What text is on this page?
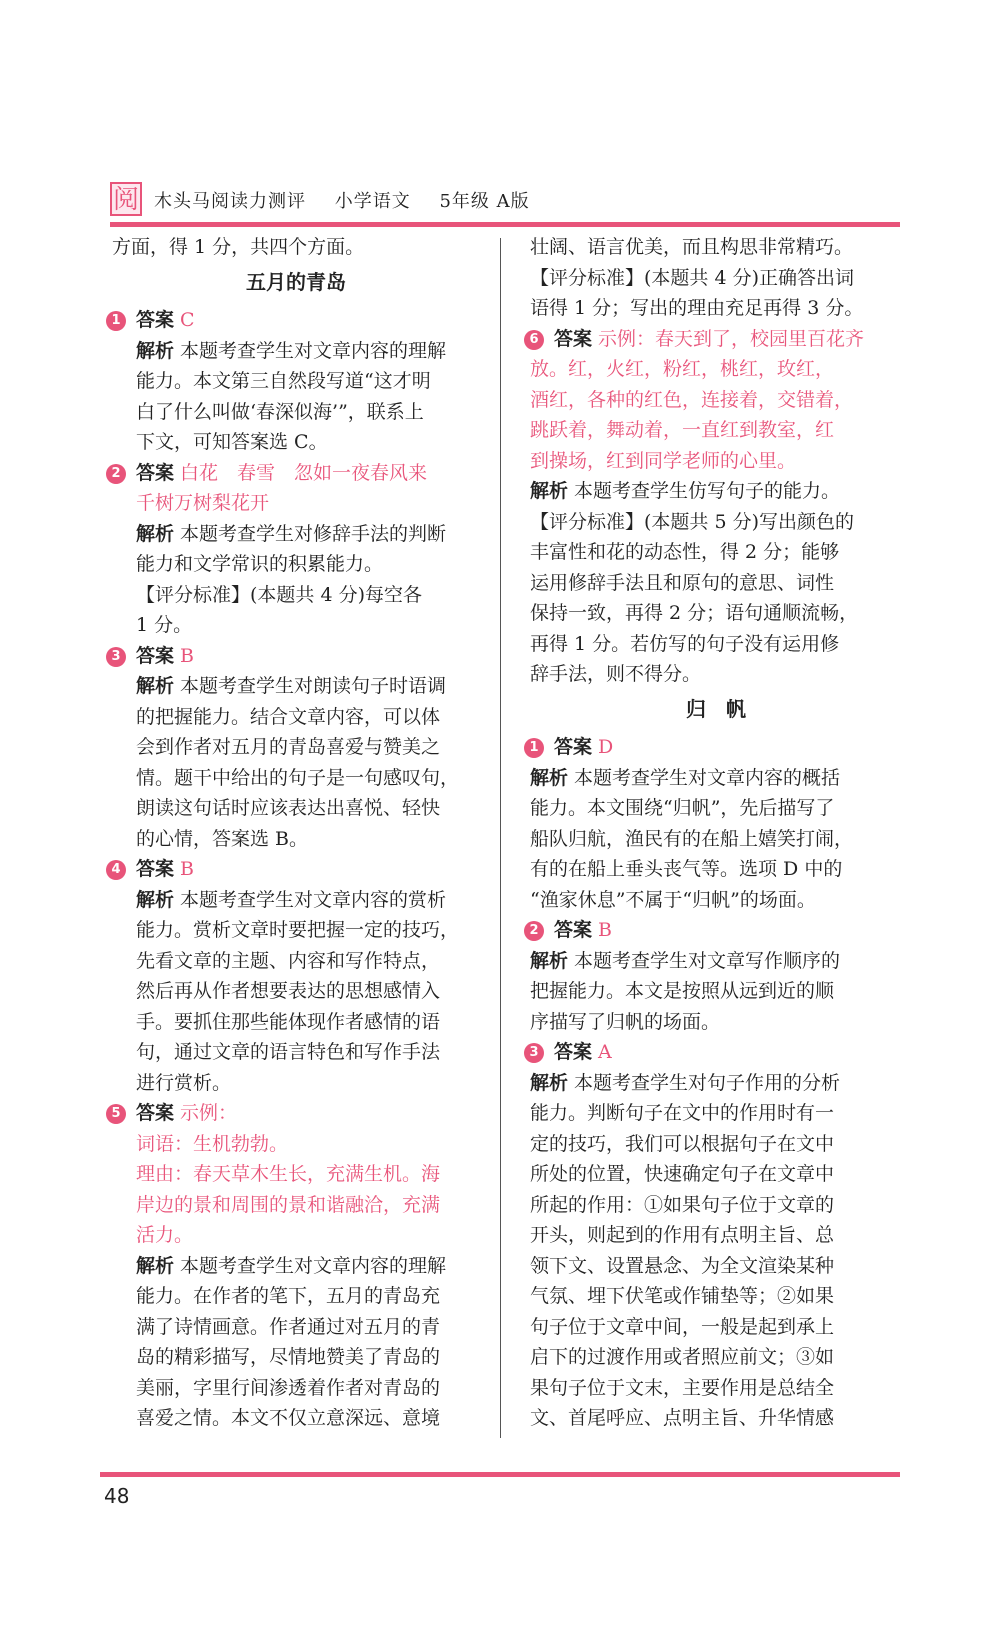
阅 木头马阅读力测评 小学语文 5年级 A版
方面，得 1 分，共四个方面。
五月的青岛
1 答案 C
解析 本题考查学生对文章内容的理解
能力。本文第三自然段写道“这才明
白了什么叫做‘春深似海’”，联系上
下文，可知答案选 C。
2 答案 白花　春雪　忽如一夜春风来
千树万树梨花开
解析 本题考查学生对修辞手法的判断
能力和文学常识的积累能力。
【评分标准】(本题共 4 分)每空各
1 分。
3 答案 B
解析 本题考查学生对朗读句子时语调
的把握能力。结合文章内容，可以体
会到作者对五月的青岛喜爱与赞美之
情。题干中给出的句子是一句感叹句，
朗读这句话时应该表达出喜悦、轻快
的心情，答案选 B。
4 答案 B
解析 本题考查学生对文章内容的赏析
能力。赏析文章时要把握一定的技巧，
先看文章的主题、内容和写作特点，
然后再从作者想要表达的思想感情入
手。要抓住那些能体现作者感情的语
句，通过文章的语言特色和写作手法
进行赏析。
5 答案 示例：
词语：生机勃勃。
理由：春天草木生长，充满生机。海
岸边的景和周围的景和谐融洽，充满
活力。
解析 本题考查学生对文章内容的理解
能力。在作者的笔下，五月的青岛充
满了诗情画意。作者通过对五月的青
岛的精彩描写，尽情地赞美了青岛的
美丽，字里行间渗透着作者对青岛的
喜爱之情。本文不仅立意深远、意境
壮阔、语言优美，而且构思非常精巧。
【评分标准】(本题共 4 分)正确答出词
语得 1 分；写出的理由充足再得 3 分。
6 答案 示例：春天到了，校园里百花齐
放。红，火红，粉红，桃红，玫红，
酒红，各种的红色，连接着，交错着，
跳跃着，舞动着，一直红到教室，红
到操场，红到同学老师的心里。
解析 本题考查学生仿写句子的能力。
【评分标准】(本题共 5 分)写出颜色的
丰富性和花的动态性，得 2 分；能够
运用修辞手法且和原句的意思、词性
保持一致，再得 2 分；语句通顺流畅，
再得 1 分。若仿写的句子没有运用修
辞手法，则不得分。
归　帆
1 答案 D
解析 本题考查学生对文章内容的概括
能力。本文围绕“归帆”，先后描写了
船队归航，渔民有的在船上嬉笑打闹，
有的在船上垂头丧气等。选项 D 中的
“渔家休息”不属于“归帆”的场面。
2 答案 B
解析 本题考查学生对文章写作顺序的
把握能力。本文是按照从远到近的顺
序描写了归帆的场面。
3 答案 A
解析 本题考查学生对句子作用的分析
能力。判断句子在文中的作用时有一
定的技巧，我们可以根据句子在文中
所处的位置，快速确定句子在文章中
所起的作用：①如果句子位于文章的
开头，则起到的作用有点明主旨、总
领下文、设置悬念、为全文渲染某种
气氛、埋下伏笔或作铺垫等；②如果
句子位于文章中间，一般是起到承上
启下的过渡作用或者照应前文；③如
果句子位于文末，主要作用是总结全
文、首尾呼应、点明主旨、升华情感
48
